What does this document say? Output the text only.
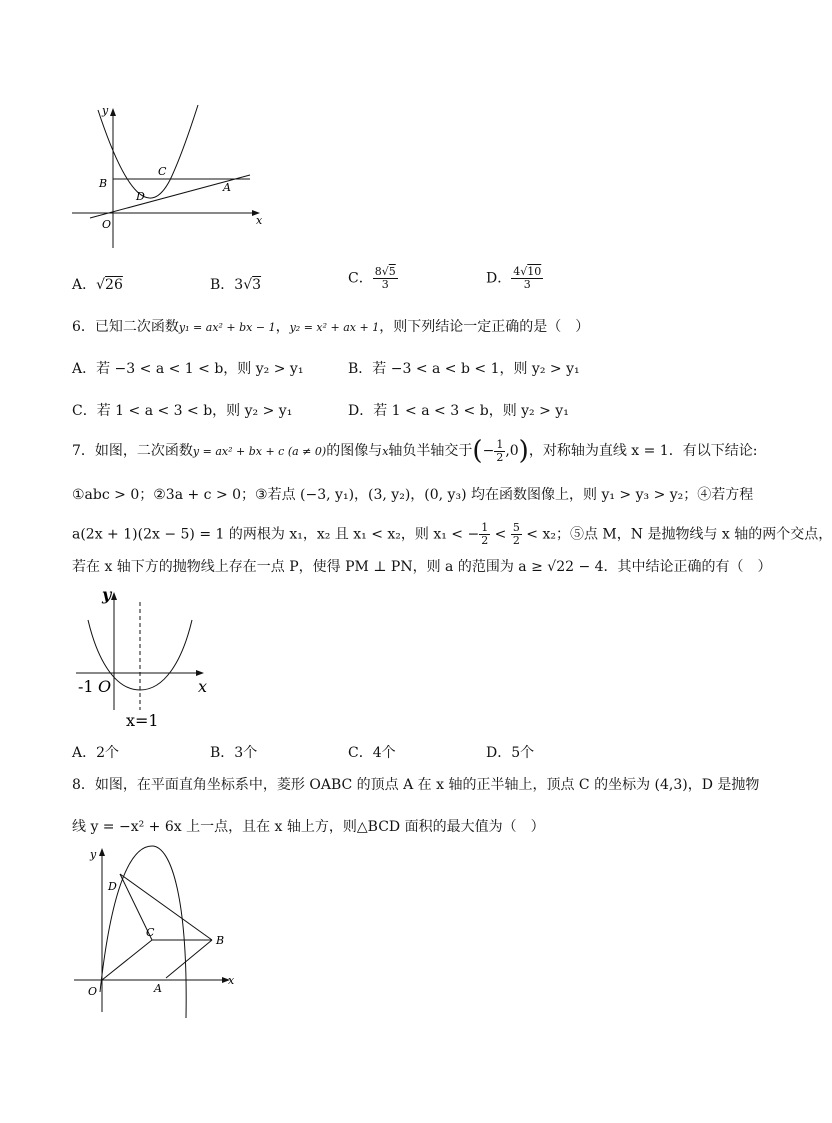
y
x
O
B
C
D
A
A．√26	B．3√3	C． $\frac{8√5}{3}$	D． $\frac{4√10}{3}$
6．已知二次函数y₁ = ax² + bx − 1，y₂ = x² + ax + 1，则下列结论一定正确的是（　）
A．若 −3 < a < 1 < b，则 y₂ > y₁	B．若 −3 < a < b < 1，则 y₂ > y₁
C．若 1 < a < 3 < b，则 y₂ > y₁	D．若 1 < a < 3 < b，则 y₂ > y₁
7．如图，二次函数y = ax² + bx + c (a ≠ 0)的图像与x轴负半轴交于(− $\frac{1}{2} ,0$)，对称轴为直线 x = 1．有以下结论:
①abc > 0；②3a + c > 0；③若点 (−3, y₁)，(3, y₂)，(0, y₃) 均在函数图像上，则 y₁ > y₃ > y₂；④若方程
a(2x + 1)(2x − 5) = 1 的两根为 x₁，x₂ 且 x₁ < x₂，则 x₁ < − $\frac{1}{2} < \frac{5}{2} < x_2$；⑤点 M，N 是抛物线与 x 轴的两个交点，
若在 x 轴下方的抛物线上存在一点 P，使得 PM ⊥ PN，则 a 的范围为 a ≥ √22 − 4．其中结论正确的有（　）
y
x
-1 O
x=1
A．2个	B．3个	C．4个	D．5个
8．如图，在平面直角坐标系中，菱形 OABC 的顶点 A 在 x 轴的正半轴上，顶点 C 的坐标为 (4,3)，D 是抛物
线 y = −x² + 6x 上一点，且在 x 轴上方，则△BCD 面积的最大值为（　）
y
x
O	A
B
C
D
